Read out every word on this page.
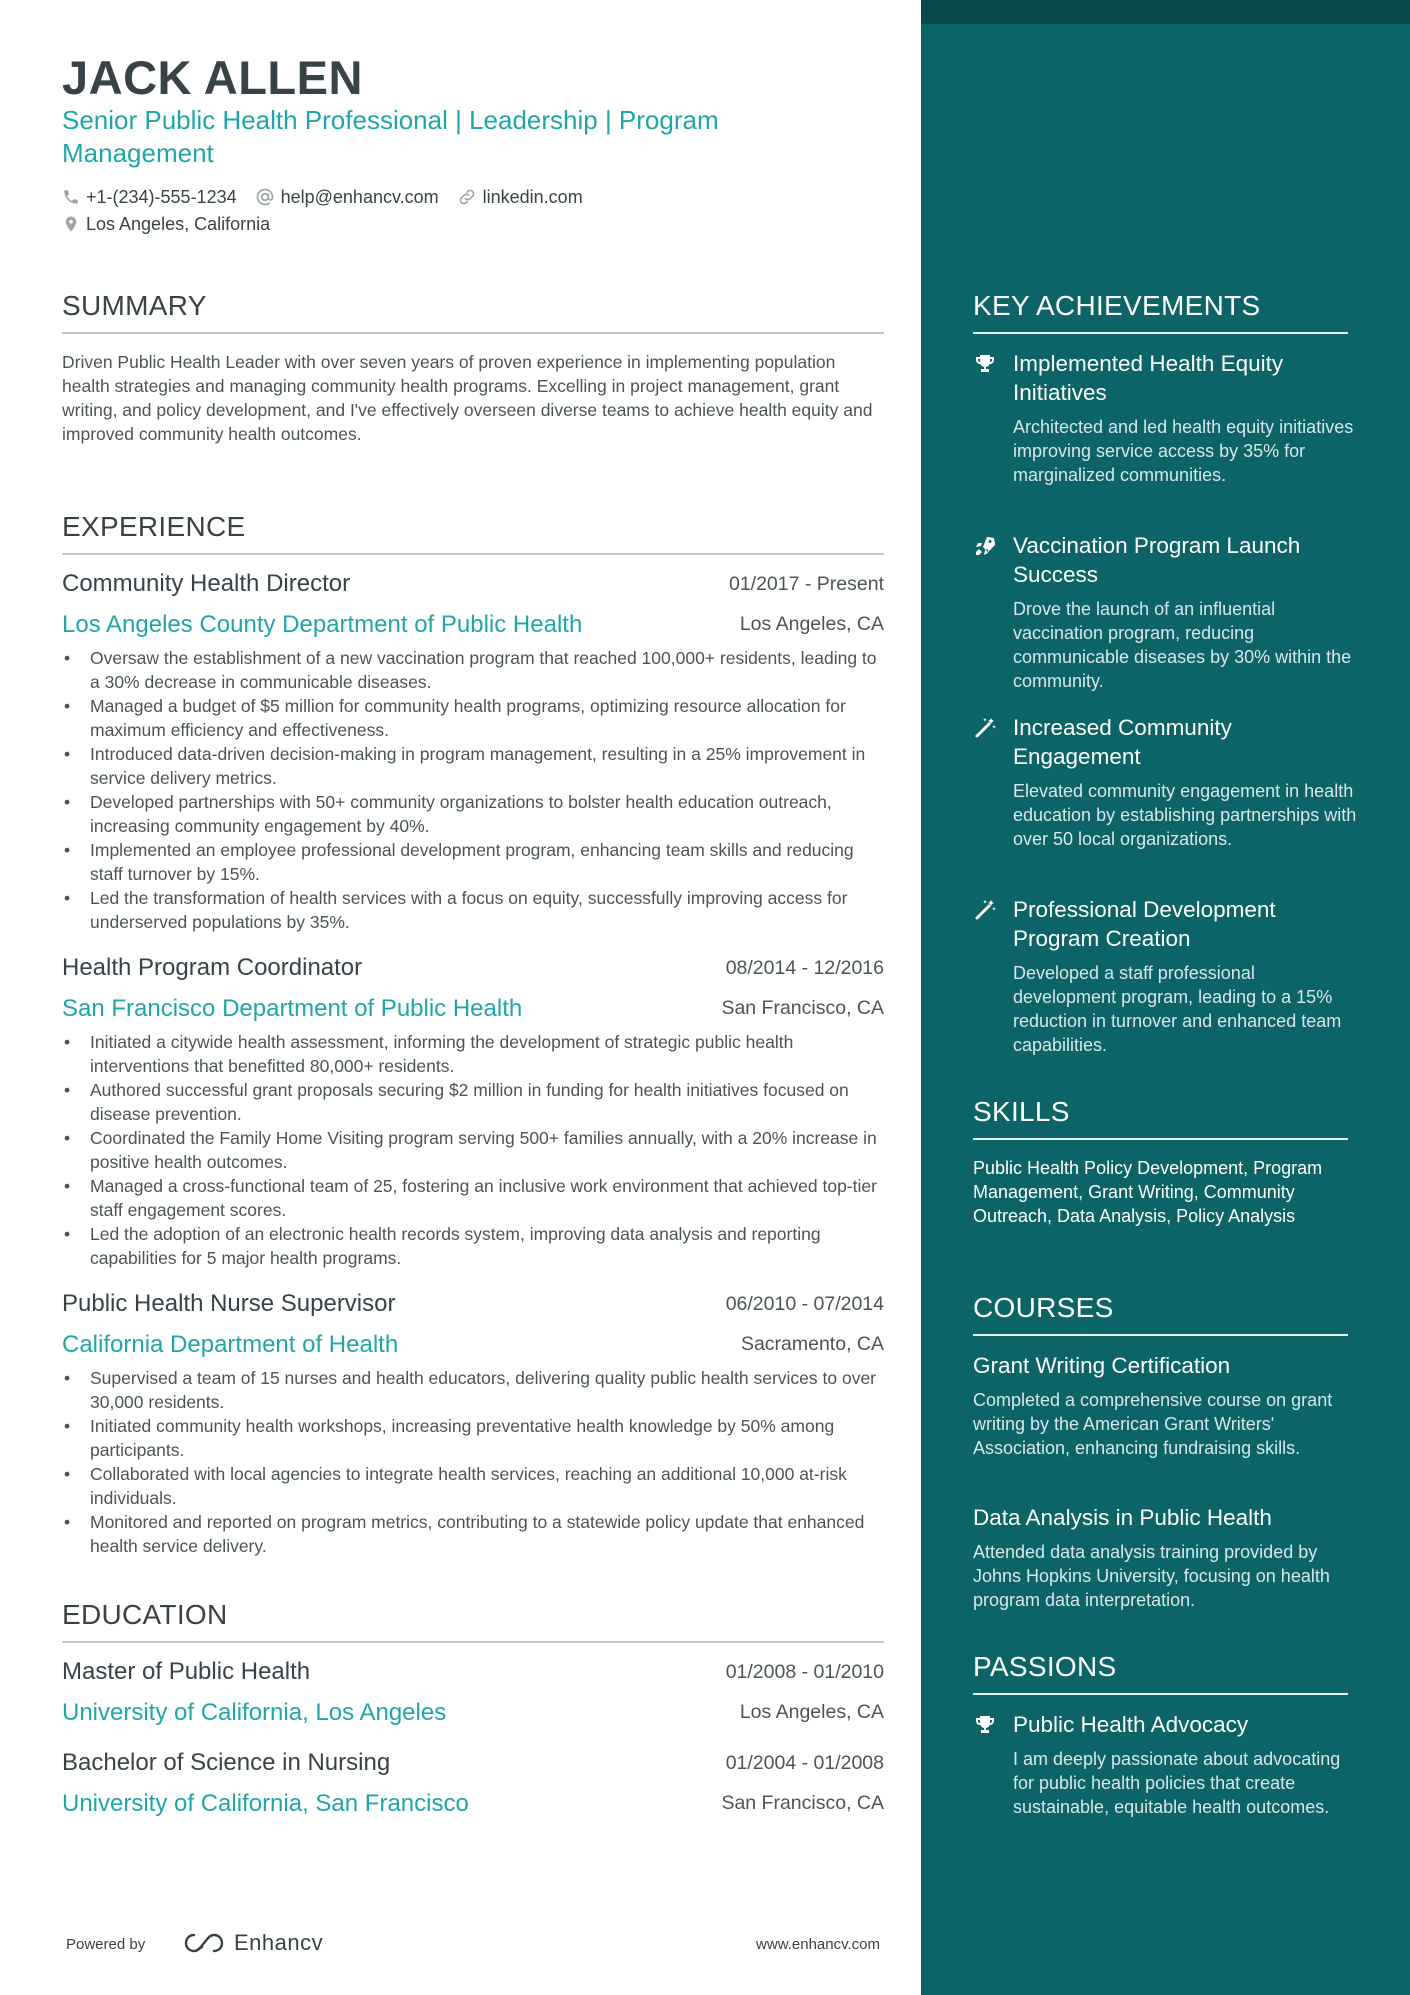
JACK ALLEN
Senior Public Health Professional | Leadership | Program Management
+1-(234)-555-1234 help@enhancv.com linkedin.com
Los Angeles, California
SUMMARY
Driven Public Health Leader with over seven years of proven experience in implementing population health strategies and managing community health programs. Excelling in project management, grant writing, and policy development, and I've effectively overseen diverse teams to achieve health equity and improved community health outcomes.
EXPERIENCE
Community Health Director	01/2017 - Present
Los Angeles County Department of Public Health	Los Angeles, CA
• Oversaw the establishment of a new vaccination program that reached 100,000+ residents, leading to a 30% decrease in communicable diseases.
• Managed a budget of $5 million for community health programs, optimizing resource allocation for maximum efficiency and effectiveness.
• Introduced data-driven decision-making in program management, resulting in a 25% improvement in service delivery metrics.
• Developed partnerships with 50+ community organizations to bolster health education outreach, increasing community engagement by 40%.
• Implemented an employee professional development program, enhancing team skills and reducing staff turnover by 15%.
• Led the transformation of health services with a focus on equity, successfully improving access for underserved populations by 35%.
Health Program Coordinator	08/2014 - 12/2016
San Francisco Department of Public Health	San Francisco, CA
• Initiated a citywide health assessment, informing the development of strategic public health interventions that benefitted 80,000+ residents.
• Authored successful grant proposals securing $2 million in funding for health initiatives focused on disease prevention.
• Coordinated the Family Home Visiting program serving 500+ families annually, with a 20% increase in positive health outcomes.
• Managed a cross-functional team of 25, fostering an inclusive work environment that achieved top-tier staff engagement scores.
• Led the adoption of an electronic health records system, improving data analysis and reporting capabilities for 5 major health programs.
Public Health Nurse Supervisor	06/2010 - 07/2014
California Department of Health	Sacramento, CA
• Supervised a team of 15 nurses and health educators, delivering quality public health services to over 30,000 residents.
• Initiated community health workshops, increasing preventative health knowledge by 50% among participants.
• Collaborated with local agencies to integrate health services, reaching an additional 10,000 at-risk individuals.
• Monitored and reported on program metrics, contributing to a statewide policy update that enhanced health service delivery.
EDUCATION
Master of Public Health	01/2008 - 01/2010
University of California, Los Angeles	Los Angeles, CA
Bachelor of Science in Nursing	01/2004 - 01/2008
University of California, San Francisco	San Francisco, CA
Powered by	Enhancv	www.enhancv.com
KEY ACHIEVEMENTS
Implemented Health Equity Initiatives
Architected and led health equity initiatives improving service access by 35% for marginalized communities.
Vaccination Program Launch Success
Drove the launch of an influential vaccination program, reducing communicable diseases by 30% within the community.
Increased Community Engagement
Elevated community engagement in health education by establishing partnerships with over 50 local organizations.
Professional Development Program Creation
Developed a staff professional development program, leading to a 15% reduction in turnover and enhanced team capabilities.
SKILLS
Public Health Policy Development, Program Management, Grant Writing, Community Outreach, Data Analysis, Policy Analysis
COURSES
Grant Writing Certification
Completed a comprehensive course on grant writing by the American Grant Writers' Association, enhancing fundraising skills.
Data Analysis in Public Health
Attended data analysis training provided by Johns Hopkins University, focusing on health program data interpretation.
PASSIONS
Public Health Advocacy
I am deeply passionate about advocating for public health policies that create sustainable, equitable health outcomes.
